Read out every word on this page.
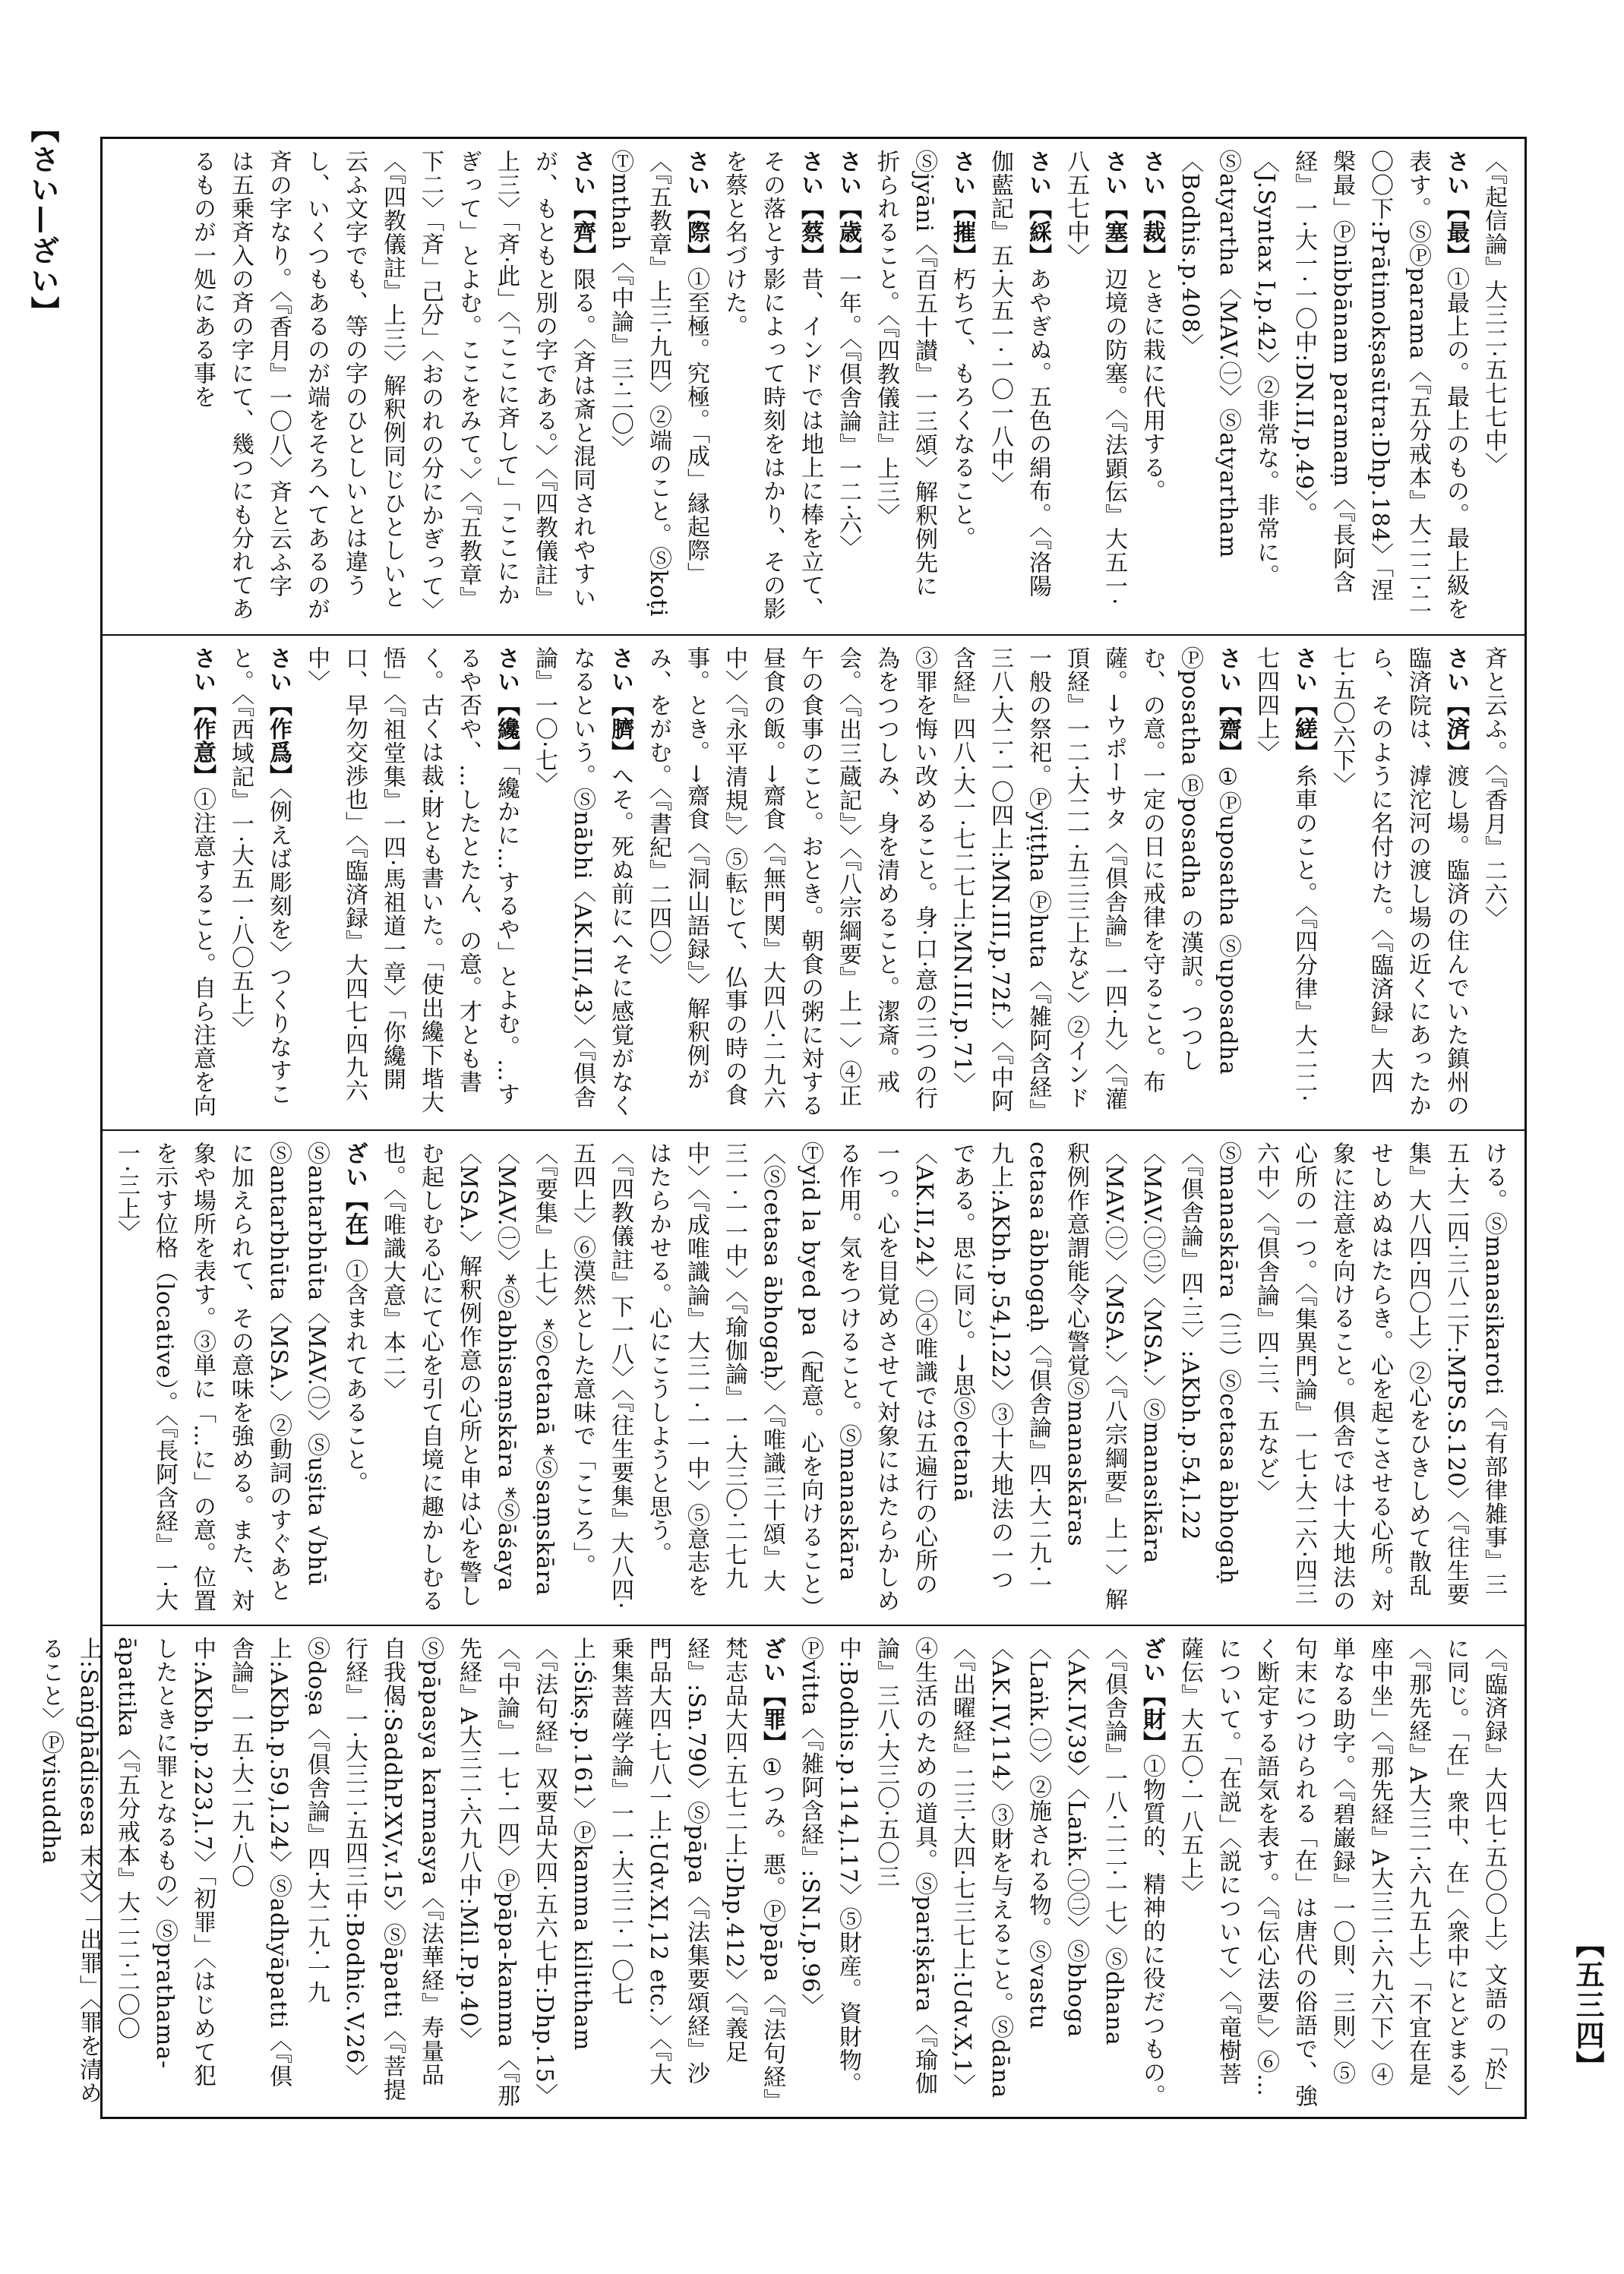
【さい—ざい】
【五三四】

〈『起信論』大三二‧五七七中〉

さい【最】①最上の。最上のもの。最上級を表す。ⓈⓅparama〈『五分戒本』大二二‧二〇〇下:Prātimokṣasūtra:Dhp.184〉「涅槃最」Ⓟnibbānam paramaṃ〈『長阿含経』一‧大一‧一〇中:DN.II,p.49〉。〈J.Syntax I,p.42〉②非常な。非常に。Ⓢatyartha〈MAV.㊀〉Ⓢatyartham〈Bodhis.p.408〉

さい【裁】ときに栽に代用する。

さい【塞】辺境の防塞。〈『法顕伝』大五一‧八五七中〉

さい【綵】あやぎぬ。五色の絹布。〈『洛陽伽藍記』五‧大五一‧一〇一八中〉

さい【摧】朽ちて、もろくなること。Ⓢjyāni〈『百五十讃』一三頌〉解釈例先に折られること。〈『四教儀註』上三〉

さい【歳】一年。〈『倶舎論』一二‧六〉

さい【蔡】昔、インドでは地上に棒を立て、その落とす影によって時刻をはかり、その影を蔡と名づけた。

さい【際】①至極。究極。「成」縁起際」〈『五教章』上三‧九四〉②端のこと。Ⓢkoṭi Ⓣmthah〈『中論』三‧二〇〉

さい【齊】限る。〈斉は斎と混同されやすいが、もともと別の字である。〉〈『四教儀註』上三〉「斉‧此」〈「ここに斉して」「ここにかぎって」とよむ。ここをみて。〉〈『五教章』下二〉「斉」己分」〈おのれの分にかぎって〉〈『四教儀註』上三〉解釈例同じひとしいと云ふ文字でも、等の字のひとしいとは違うし、いくつもあるのが端をそろへてあるのが斉の字なり。〈『香月』一〇八〉斉と云ふ字は五乗斉入の斉の字にて、幾つにも分れてあるものが一処にある事を

斉と云ふ。〈『香月』二六〉

さい【済】渡し場。臨済の住んでいた鎮州の臨済院は、滹沱河の渡し場の近くにあったから、そのように名付けた。〈『臨済録』大四七‧五〇六下〉

さい【縒】糸車のこと。〈『四分律』大二二‧七四四上〉

さい【齋】①Ⓟuposatha Ⓢuposadha Ⓟposatha Ⓑposadha の漢訳。つつしむ、の意。一定の日に戒律を守ること。布薩。→ウポーサタ〈『倶舎論』一四‧九〉〈『灌頂経』一二‧大二一‧五三三上など〉②インド一般の祭祀。Ⓟyiṭṭha Ⓟhuta〈『雑阿含経』三八‧大二‧一〇四上:MN.III,p.72f.〉〈『中阿含経』四八‧大一‧七二七上:MN.III,p.71〉③罪を悔い改めること。身‧口‧意の三つの行為をつつしみ、身を清めること。潔斎。戒会。〈『出三蔵記』〉〈『八宗綱要』上一〉④正午の食事のこと。おとき。朝食の粥に対する昼食の飯。→齋食〈『無門関』大四八‧二九六中〉〈『永平清規』〉⑤転じて、仏事の時の食事。とき。→齋食〈『洞山語録』〉解釈例がみ、をがむ。〈『書紀』二四〇〉

さい【臍】へそ。死ぬ前にへそに感覚がなくなるという。Ⓢnābhi〈AK.III,43〉〈『倶舎論』一〇‧七〉

さい【纔】「纔かに…するや」とよむ。…するや否や、…したとたん、の意。才とも書く。古くは裁‧財とも書いた。「使出纔下堦大悟」〈『祖堂集』一四‧馬祖道一章〉「你纔開口、早勿交渉也」〈『臨済録』大四七‧四九六中〉

さい【作爲】〈例えば彫刻を〉つくりなすこと。〈『西域記』一‧大五一‧八〇五上〉

さい【作意】①注意すること。自ら注意を向

ける。Ⓢmanasikaroti〈『有部律雑事』三五‧大二四‧三八二下:MPS.S.120〉〈『往生要集』大八四‧四〇上〉②心をひきしめて散乱せしめぬはたらき。心を起こさせる心所。対象に注意を向けること。倶舎では十大地法の心所の一つ。〈『集異門論』一七‧大二六‧四三六中〉〈『倶舎論』四‧三、五など〉Ⓢmanaskāra（三）Ⓢcetasa ābhogaḥ〈『倶舎論』四‧三〉:AKbh.p.54,l.22〈MAV.㊀㊁〉〈MSA.〉Ⓢmanasikāra〈MAV.㊀〉〈MSA.〉〈『八宗綱要』上一〉解釈例作意謂能令心警覚Ⓢmanaskāras cetasa ābhogaḥ〈『倶舎論』四‧大二九‧一九上:AKbh.p.54,l.22〉③十大地法の一つである。思に同じ。→思Ⓢcetanā〈AK.II,24〉㊀④唯識では五遍行の心所の一つ。心を目覚めさせて対象にはたらかしめる作用。気をつけること。Ⓢmanaskāra Ⓣyid la byed pa（配意。心を向けること）〈Ⓢcetasa ābhogaḥ〉〈『唯識三十頌』大三一‧一一中〉〈『瑜伽論』一‧大三〇‧二七九中〉〈『成唯識論』大三一‧一一中〉⑤意志をはたらかせる。心にこうしようと思う。〈『四教儀註』下一八〉〈『往生要集』大八四‧五四上〉⑥漠然とした意味で「こころ」。〈『要集』上七〉*Ⓢcetanā *Ⓢsaṃskāra〈MAV.㊀〉*Ⓢabhisaṃskāra *Ⓢāśaya〈MSA.〉解釈例作意の心所と申は心を警しむ起しむる心にて心を引て自境に趣かしむる也。〈『唯識大意』本二〉

ざい【在】①含まれてあること。Ⓢantarbhūta〈MAV.㊀〉Ⓢuṣita √bhū Ⓢantarbhūta〈MSA.〉②動詞のすぐあとに加えられて、その意味を強める。また、対象や場所を表す。③単に「…に」の意。位置を示す位格（locative）。〈『長阿含経』一‧大一‧三上〉

〈『臨済録』大四七‧五〇〇上〉文語の「於」に同じ。「在」衆中、在」〈衆中にとどまる〉〈『那先経』A大三二‧六九五上〉「不宜在是座中坐」〈『那先経』A大三二‧六九六下〉④単なる助字。〈『碧巌録』一〇則、三則〉⑤句末につけられる「在」は唐代の俗語で、強く断定する語気を表す。〈『伝心法要』〉⑥…について。「在説」〈説について〉〈『竜樹菩薩伝』大五〇‧一八五上〉

ざい【財】①物質的、精神的に役だつもの。〈『倶舎論』一八‧二二‧一七〉Ⓢdhana〈AK.IV,39〉〈Laṅk.㊀㊁〉Ⓢbhoga〈Laṅk.㊀〉②施される物。Ⓢvastu〈AK.IV,114〉③財を与えること。Ⓢdāna〈『出曜経』二三‧大四‧七三七上:Udv.X,1〉④生活のための道具。Ⓢpariṣkāra〈『瑜伽論』三八‧大三〇‧五〇三中:Bodhis.p.114,l.17〉⑤財産。資財物。Ⓟvitta〈『雑阿含経』:SN.I,p.96〉

ざい【罪】①つみ。悪。Ⓟpāpa〈『法句経』梵志品大四‧五七二上:Dhp.412〉〈『義足経』:Sn.790〉Ⓢpāpa〈『法集要頌経』沙門品大四‧七八一上:Udv.XI,12 etc.〉〈『大乗集菩薩学論』一一‧大三二‧一〇七上:Śikṣ.p.161〉Ⓟkamma kilittham〈『法句経』双要品大四‧五六七中:Dhp.15〉〈『中論』一七‧一四〉Ⓟpāpa-kamma〈『那先経』A大三二‧六九八中:Mil.P.p.40〉Ⓢpāpasya karmasya〈『法華経』寿量品自我偈:SaddhP.XV,v.15〉Ⓢāpatti〈『菩提行経』一‧大三二‧五四三中:Bodhic.V,26〉Ⓢdoṣa〈『倶舎論』四‧大二九‧一九上:AKbh.p.59,l.24〉Ⓢadhyāpatti〈『倶舎論』一五‧大二九‧八〇中:AKbh.p.223,l.7〉「初罪」〈はじめて犯したときに罪となるもの〉Ⓢprathama-āpattika〈『五分戒本』大二二‧二〇〇上:Saṅghādisesa 末文〉「出罪」〈罪を清めること〉Ⓟvisuddha
